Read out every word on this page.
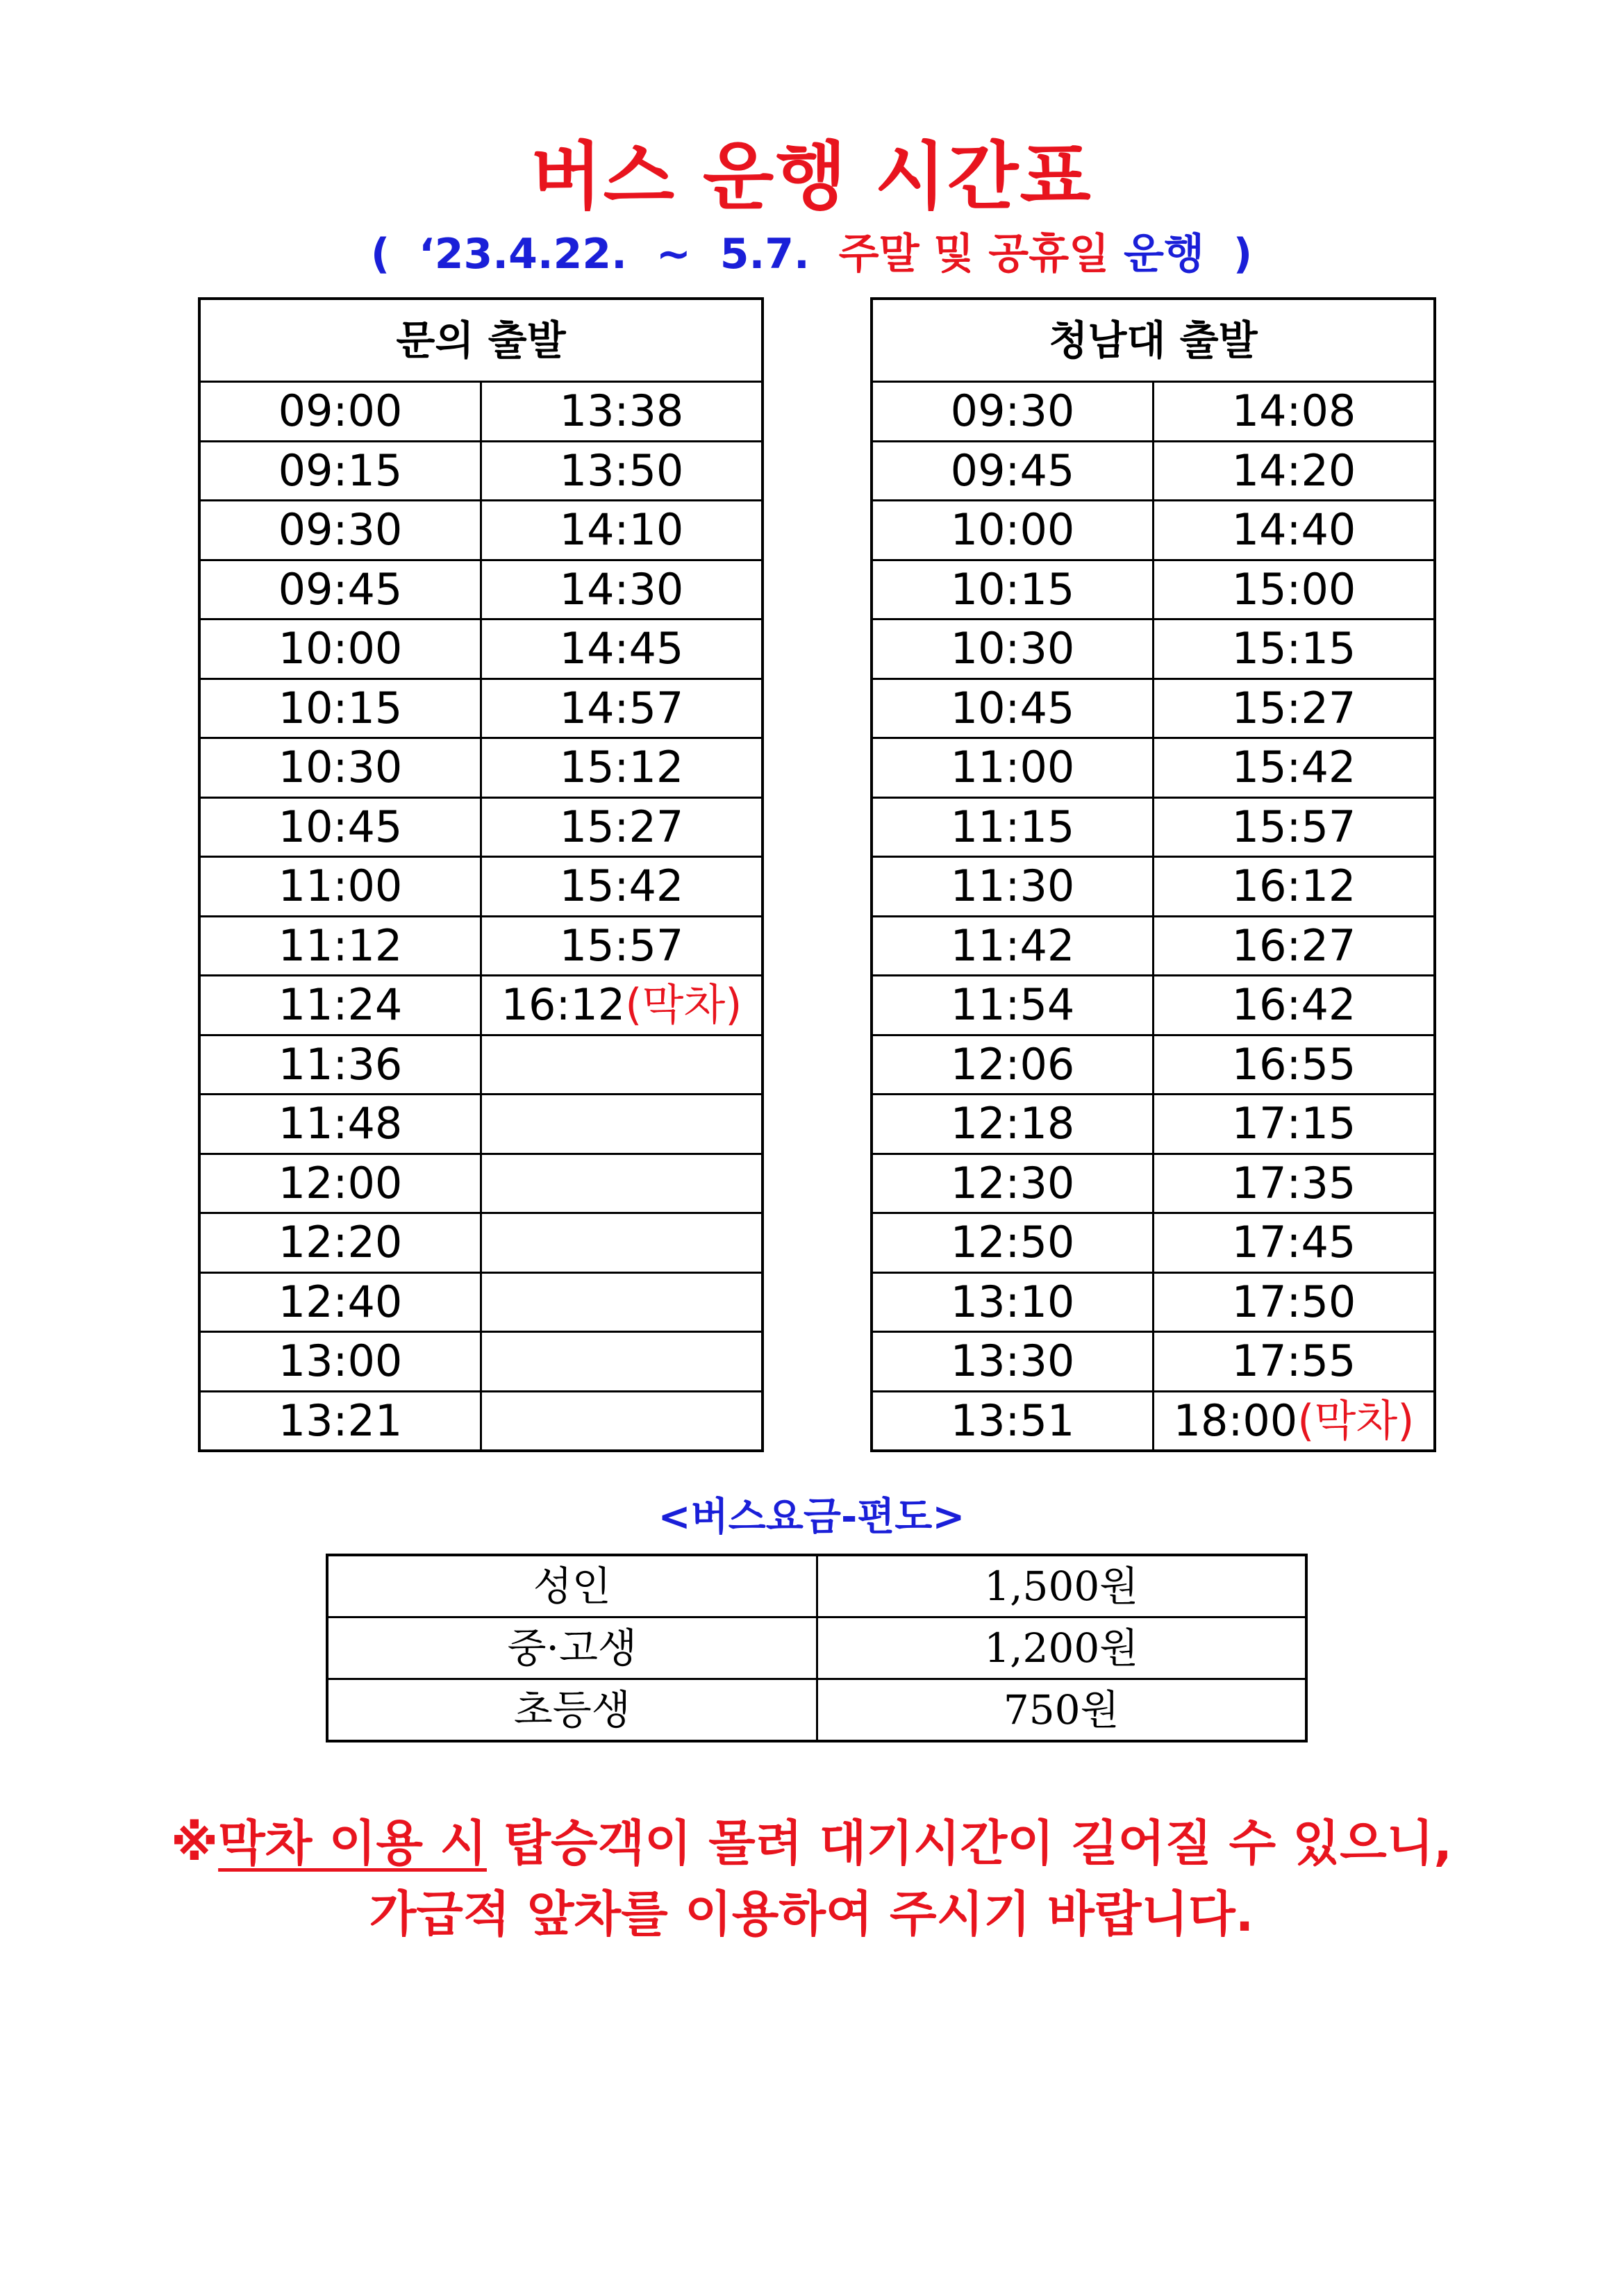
버스 운행 시간표
(  ‘23.4.22.  ~  5.7.  주말 및 공휴일 운행  )
문의 출발	
09:00	13:38
09:15	13:50
09:30	14:10
09:45	14:30
10:00	14:45
10:15	14:57
10:30	15:12
10:45	15:27
11:00	15:42
11:12	15:57
11:24	16:12(막차)
11:36	
11:48	
12:00	
12:20	
12:40	
13:00	
13:21	
청남대 출발	
09:30	14:08
09:45	14:20
10:00	14:40
10:15	15:00
10:30	15:15
10:45	15:27
11:00	15:42
11:15	15:57
11:30	16:12
11:42	16:27
11:54	16:42
12:06	16:55
12:18	17:15
12:30	17:35
12:50	17:45
13:10	17:50
13:30	17:55
13:51	18:00(막차)
<버스요금-편도>
성인	1,500원
중·고생	1,200원
초등생	750원
※막차 이용 시 탑승객이 몰려 대기시간이 길어질 수 있으니,
가급적 앞차를 이용하여 주시기 바랍니다.
